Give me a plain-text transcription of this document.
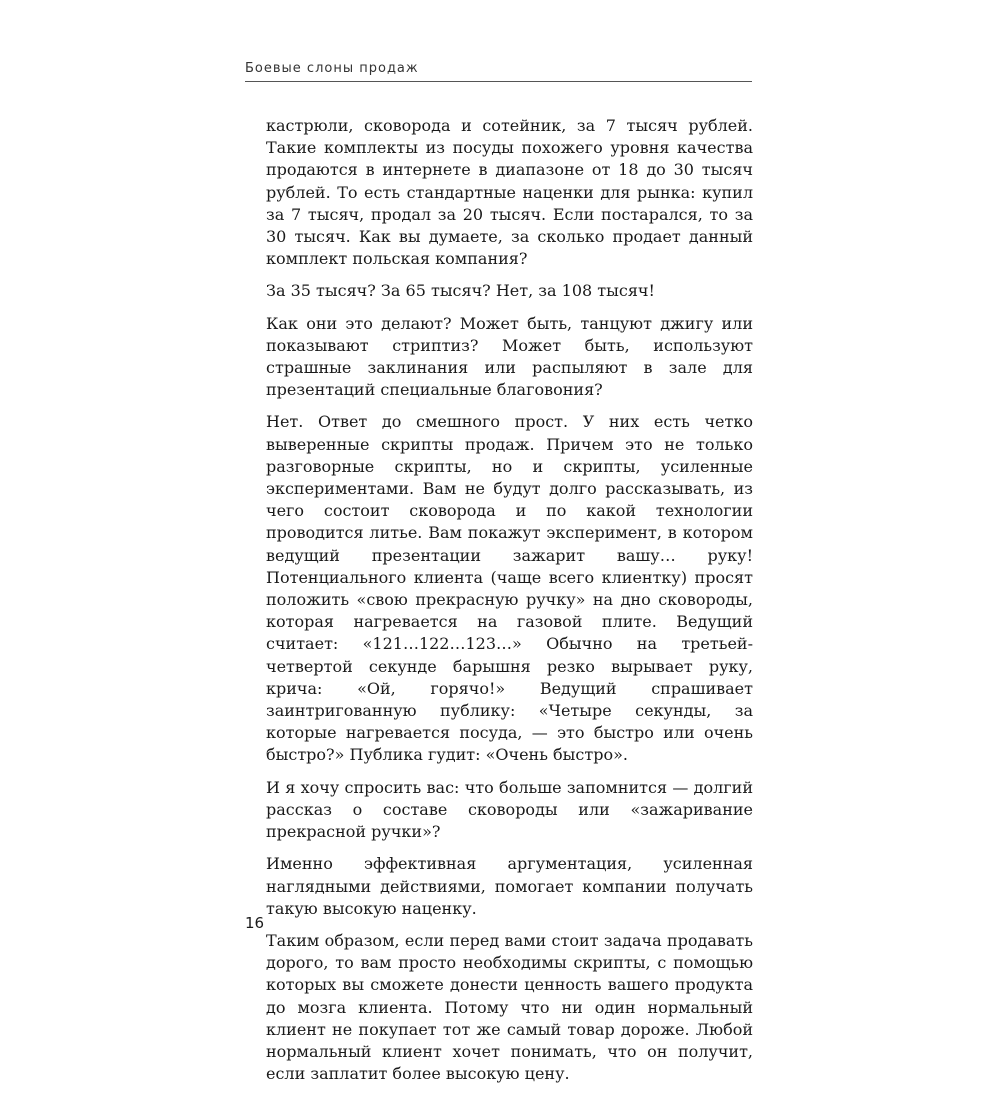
Боевые слоны продаж

кастрюли, сковорода и сотейник, за 7 тысяч рублей. Такие комплекты из посуды похожего уровня качества продаются в интернете в диапазоне от 18 до 30 тысяч рублей. То есть стандартные наценки для рынка: купил за 7 тысяч, продал за 20 тысяч. Если постарался, то за 30 тысяч. Как вы думаете, за сколько продает данный комплект польская компания?

За 35 тысяч? За 65 тысяч? Нет, за 108 тысяч!

Как они это делают? Может быть, танцуют джигу или показывают стриптиз? Может быть, используют страшные заклинания или распыляют в зале для презентаций специальные благовония?

Нет. Ответ до смешного прост. У них есть четко выверенные скрипты продаж. Причем это не только разговорные скрипты, но и скрипты, усиленные экспериментами. Вам не будут долго рассказывать, из чего состоит сковорода и по какой технологии проводится литье. Вам покажут эксперимент, в котором ведущий презентации зажарит вашу… руку! Потенциального клиента (чаще всего клиентку) просят положить «свою прекрасную ручку» на дно сковороды, которая нагревается на газовой плите. Ведущий считает: «121…122…123…» Обычно на третьей-четвертой секунде барышня резко вырывает руку, крича: «Ой, горячо!» Ведущий спрашивает заинтригованную публику: «Четыре секунды, за которые нагревается посуда, — это быстро или очень быстро?» Публика гудит: «Очень быстро».

И я хочу спросить вас: что больше запомнится — долгий рассказ о составе сковороды или «зажаривание прекрасной ручки»?

Именно эффективная аргументация, усиленная наглядными действиями, помогает компании получать такую высокую наценку.

Таким образом, если перед вами стоит задача продавать дорого, то вам просто необходимы скрипты, с помощью которых вы сможете донести ценность вашего продукта до мозга клиента. Потому что ни один нормальный клиент не покупает тот же самый товар дороже. Любой нормальный клиент хочет понимать, что он получит, если заплатит более высокую цену.

16
